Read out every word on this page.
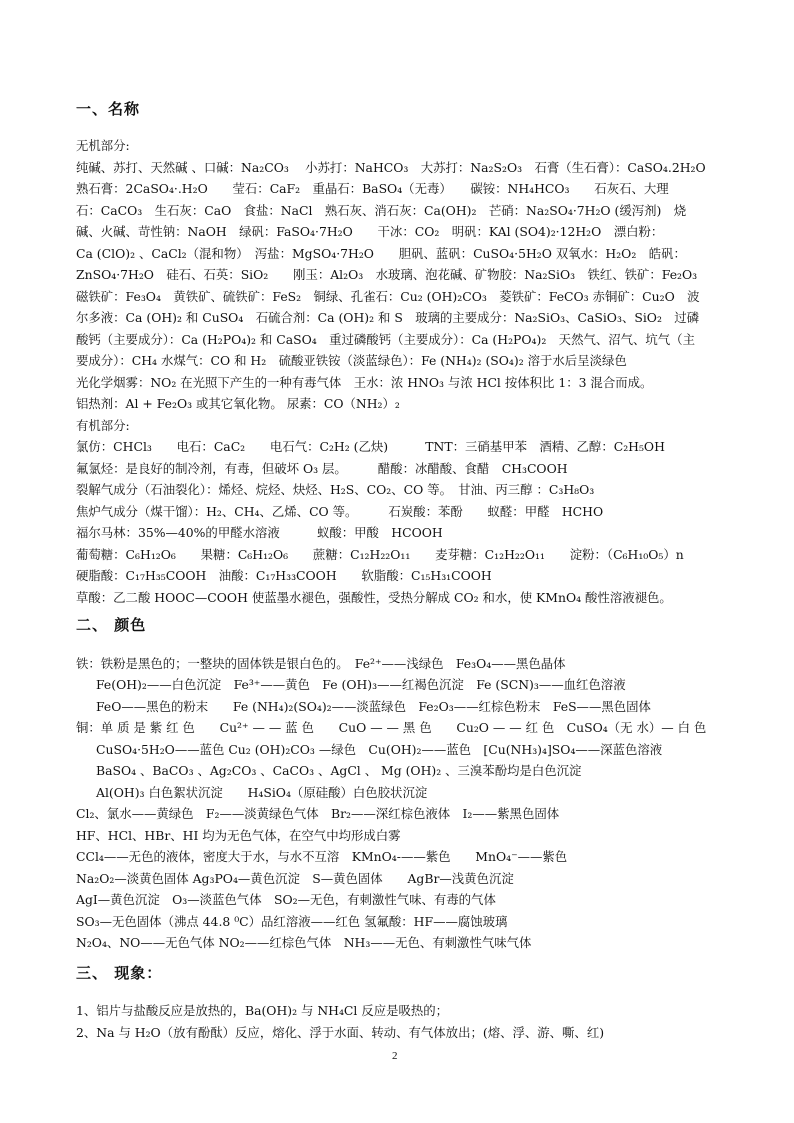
一、名称
无机部分:
纯碱、苏打、天然碱 、口碱：Na₂CO₃　 小苏打：NaHCO₃　大苏打：Na₂S₂O₃　石膏（生石膏）：CaSO₄.2H₂O
熟石膏：2CaSO₄·.H₂O　　莹石：CaF₂　重晶石：BaSO₄（无毒）　　碳铵：NH₄HCO₃　　石灰石、大理
石：CaCO₃　生石灰：CaO　食盐：NaCl　熟石灰、消石灰：Ca(OH)₂　芒硝：Na₂SO₄·7H₂O (缓泻剂)　烧
碱、火碱、苛性钠：NaOH　绿矾：FaSO₄·7H₂O　　干冰：CO₂　明矾：KAl (SO4)₂·12H₂O　漂白粉：
Ca (ClO)₂ 、CaCl₂（混和物）　泻盐：MgSO₄·7H₂O　　胆矾、蓝矾：CuSO₄·5H₂O 双氧水：H₂O₂　皓矾：
ZnSO₄·7H₂O　硅石、石英：SiO₂　　刚玉：Al₂O₃　水玻璃、泡花碱、矿物胶：Na₂SiO₃　铁红、铁矿：Fe₂O₃
磁铁矿：Fe₃O₄　黄铁矿、硫铁矿：FeS₂　铜绿、孔雀石：Cu₂ (OH)₂CO₃　菱铁矿：FeCO₃ 赤铜矿：Cu₂O　波
尔多液：Ca (OH)₂ 和 CuSO₄　石硫合剂：Ca (OH)₂ 和 S　玻璃的主要成分：Na₂SiO₃、CaSiO₃、SiO₂　过磷
酸钙（主要成分）：Ca (H₂PO₄)₂ 和 CaSO₄　重过磷酸钙（主要成分）：Ca (H₂PO₄)₂　天然气、沼气、坑气（主
要成分）：CH₄ 水煤气：CO 和 H₂　硫酸亚铁铵（淡蓝绿色）：Fe (NH₄)₂ (SO₄)₂ 溶于水后呈淡绿色
光化学烟雾：NO₂ 在光照下产生的一种有毒气体　王水：浓 HNO₃ 与浓 HCl 按体积比 1：3 混合而成。
铝热剂：Al + Fe₂O₃ 或其它氧化物。 尿素：CO（NH₂）₂
有机部分:
氯仿：CHCl₃　　电石：CaC₂　　电石气：C₂H₂ (乙炔)　　　TNT：三硝基甲苯　酒精、乙醇：C₂H₅OH
氟氯烃：是良好的制冷剂，有毒，但破坏 O₃ 层。　　　醋酸：冰醋酸、食醋　CH₃COOH
裂解气成分（石油裂化）：烯烃、烷烃、炔烃、H₂S、CO₂、CO 等。　甘油、丙三醇 ：C₃H₈O₃
焦炉气成分（煤干馏）：H₂、CH₄、乙烯、CO 等。　　　石炭酸：苯酚　　蚁醛：甲醛　HCHO
福尔马林：35%—40%的甲醛水溶液　　　蚁酸：甲酸　HCOOH
葡萄糖：C₆H₁₂O₆　　果糖：C₆H₁₂O₆　　蔗糖：C₁₂H₂₂O₁₁　　麦芽糖：C₁₂H₂₂O₁₁　　淀粉：（C₆H₁₀O₅）n
硬脂酸：C₁₇H₃₅COOH　油酸：C₁₇H₃₃COOH　　软脂酸：C₁₅H₃₁COOH
草酸：乙二酸 HOOC—COOH 使蓝墨水褪色，强酸性，受热分解成 CO₂ 和水，使 KMnO₄ 酸性溶液褪色。
二、 颜色
铁：铁粉是黑色的；一整块的固体铁是银白色的。　Fe²⁺——浅绿色　Fe₃O₄——黑色晶体
Fe(OH)₂——白色沉淀　Fe³⁺——黄色　Fe (OH)₃——红褐色沉淀　Fe (SCN)₃——血红色溶液
FeO——黑色的粉末　　Fe (NH₄)₂(SO₄)₂——淡蓝绿色　Fe₂O₃——红棕色粉末　FeS——黑色固体
铜：单 质 是 紫 红 色　　Cu²⁺ — — 蓝 色　　CuO — — 黑 色　　Cu₂O — — 红 色　CuSO₄（无 水）— 白 色
CuSO₄·5H₂O——蓝色 Cu₂ (OH)₂CO₃ —绿色　Cu(OH)₂——蓝色　[Cu(NH₃)₄]SO₄——深蓝色溶液
BaSO₄ 、BaCO₃ 、Ag₂CO₃ 、CaCO₃ 、AgCl 、 Mg (OH)₂ 、三溴苯酚均是白色沉淀
Al(OH)₃ 白色絮状沉淀　　H₄SiO₄（原硅酸）白色胶状沉淀
Cl₂、氯水——黄绿色　F₂——淡黄绿色气体　Br₂——深红棕色液体　I₂——紫黑色固体
HF、HCl、HBr、HI 均为无色气体，在空气中均形成白雾
CCl₄——无色的液体，密度大于水，与水不互溶　KMnO₄-——紫色　　MnO₄⁻——紫色
Na₂O₂—淡黄色固体 Ag₃PO₄—黄色沉淀　S—黄色固体　　AgBr—浅黄色沉淀
AgI—黄色沉淀　O₃—淡蓝色气体　SO₂—无色，有刺激性气味、有毒的气体
SO₃—无色固体（沸点 44.8 ⁰C）品红溶液——红色 氢氟酸：HF——腐蚀玻璃
N₂O₄、NO——无色气体 NO₂——红棕色气体　NH₃——无色、有刺激性气味气体
三、 现象：
1、铝片与盐酸反应是放热的，Ba(OH)₂ 与 NH₄Cl 反应是吸热的；
2、Na 与 H₂O（放有酚酞）反应，熔化、浮于水面、转动、有气体放出；(熔、浮、游、嘶、红)
2
